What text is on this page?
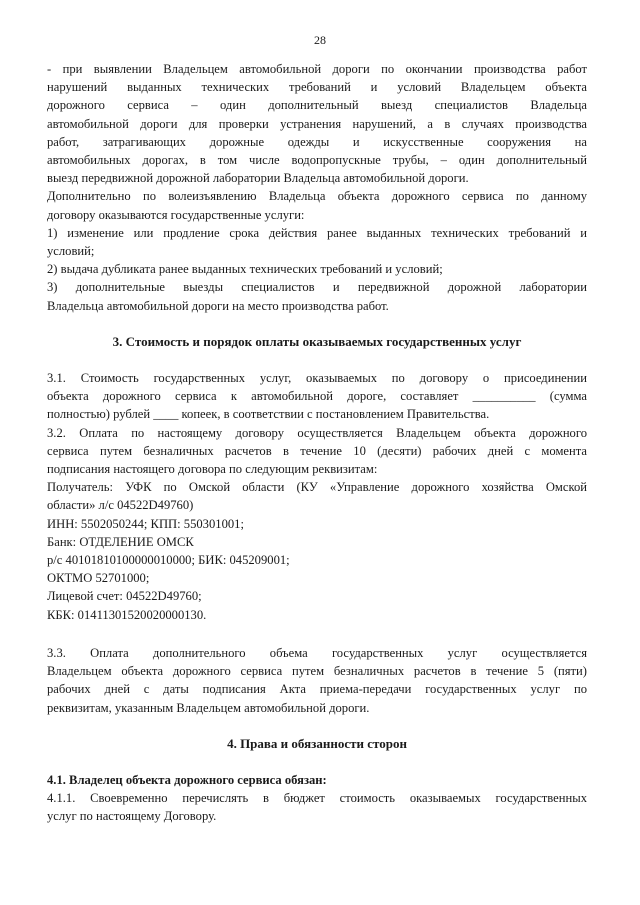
28

- при выявлении Владельцем автомобильной дороги по окончании производства работ

нарушений выданных технических требований и условий Владельцем объекта

дорожного сервиса – один дополнительный выезд специалистов Владельца

автомобильной дороги для проверки устранения нарушений, а в случаях производства

работ, затрагивающих дорожные одежды и искусственные сооружения на

автомобильных дорогах, в том числе водопропускные трубы, – один дополнительный

выезд передвижной дорожной лаборатории Владельца автомобильной дороги.

Дополнительно по волеизъявлению Владельца объекта дорожного сервиса по данному

договору оказываются государственные услуги:

1) изменение или продление срока действия ранее выданных технических требований и

условий;

2) выдача дубликата ранее выданных технических требований и условий;

3) дополнительные выезды специалистов и передвижной дорожной лаборатории

Владельца автомобильной дороги на место производства работ.

3. Стоимость и порядок оплаты оказываемых государственных услуг

3.1. Стоимость государственных услуг, оказываемых по договору о присоединении

объекта дорожного сервиса к автомобильной дороге, составляет __________ (сумма

полностью) рублей ____ копеек, в соответствии с постановлением Правительства.

3.2. Оплата по настоящему договору осуществляется Владельцем объекта дорожного

сервиса путем безналичных расчетов в течение 10 (десяти) рабочих дней с момента

подписания настоящего договора по следующим реквизитам:

Получатель: УФК по Омской области (КУ «Управление дорожного хозяйства Омской

области» л/с 04522D49760)

ИНН: 5502050244; КПП: 550301001;

Банк: ОТДЕЛЕНИЕ ОМСК

р/с 40101810100000010000; БИК: 045209001;

ОКТМО 52701000;

Лицевой счет: 04522D49760;

КБК: 01411301520020000130.

3.3. Оплата дополнительного объема государственных услуг осуществляется

Владельцем объекта дорожного сервиса путем безналичных расчетов в течение 5 (пяти)

рабочих дней с даты подписания Акта приема-передачи государственных услуг по

реквизитам, указанным Владельцем автомобильной дороги.

4. Права и обязанности сторон

4.1. Владелец объекта дорожного сервиса обязан:

4.1.1. Своевременно перечислять в бюджет стоимость оказываемых государственных

услуг по настоящему Договору.
